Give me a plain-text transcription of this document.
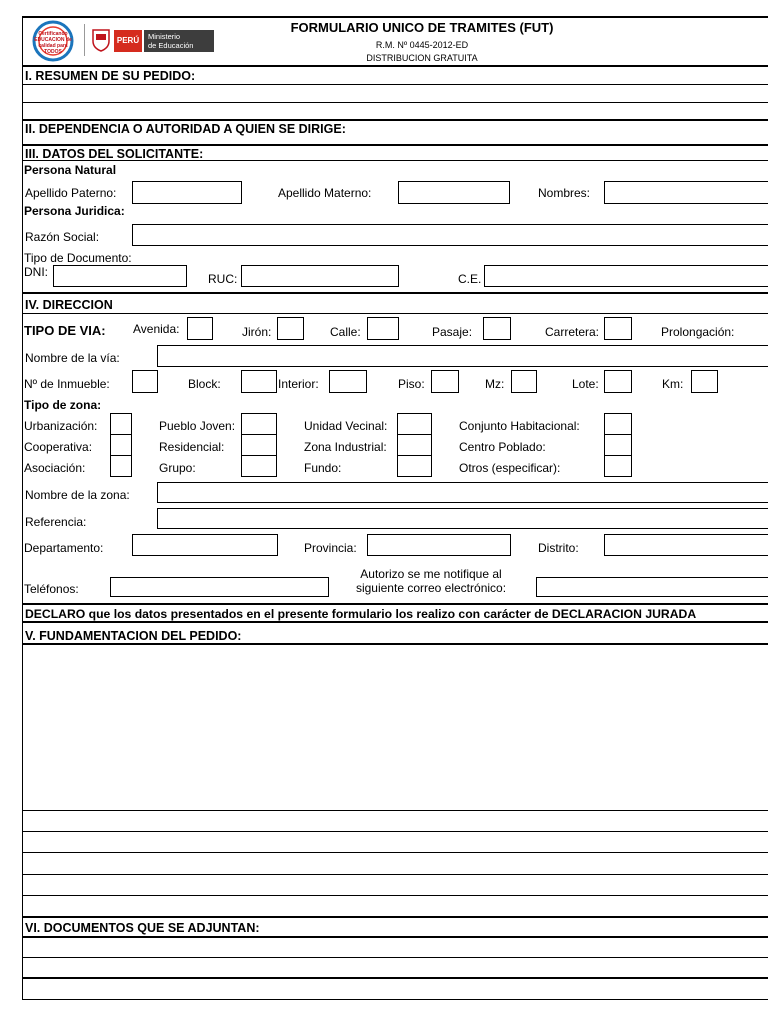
Certificando EDUCACION de calidad para TODOS
PERÚ	Ministerio
de Educación
FORMULARIO UNICO DE TRAMITES (FUT)
R.M. Nº 0445-2012-ED
DISTRIBUCION GRATUITA
I. RESUMEN DE SU PEDIDO:
II. DEPENDENCIA O AUTORIDAD A QUIEN SE DIRIGE:
III. DATOS DEL SOLICITANTE:
Persona Natural
Apellido Paterno:	Apellido Materno:	Nombres:
Persona Juridica:
Razón Social:
Tipo de Documento:
DNI:	RUC:	C.E.
IV. DIRECCION
TIPO DE VIA: Avenida:	Jirón:	Calle:	Pasaje:	Carretera:	Prolongación:
Nombre de la vía:
Nº de Inmueble:	Block:	Interior:	Piso:	Mz:	Lote:	Km:
Tipo de zona:
Urbanización:	Pueblo Joven:	Unidad Vecinal:	Conjunto Habitacional:
Cooperativa:	Residencial:	Zona Industrial:	Centro Poblado:
Asociación:	Grupo:	Fundo:	Otros (especificar):
Nombre de la zona:
Referencia:
Departamento:	Provincia:	Distrito:
Teléfonos:
Autorizo se me notifique al
siguiente correo electrónico:
DECLARO que los datos presentados en el presente formulario los realizo con carácter de DECLARACION JURADA
V. FUNDAMENTACION DEL PEDIDO:
VI. DOCUMENTOS QUE SE ADJUNTAN:
